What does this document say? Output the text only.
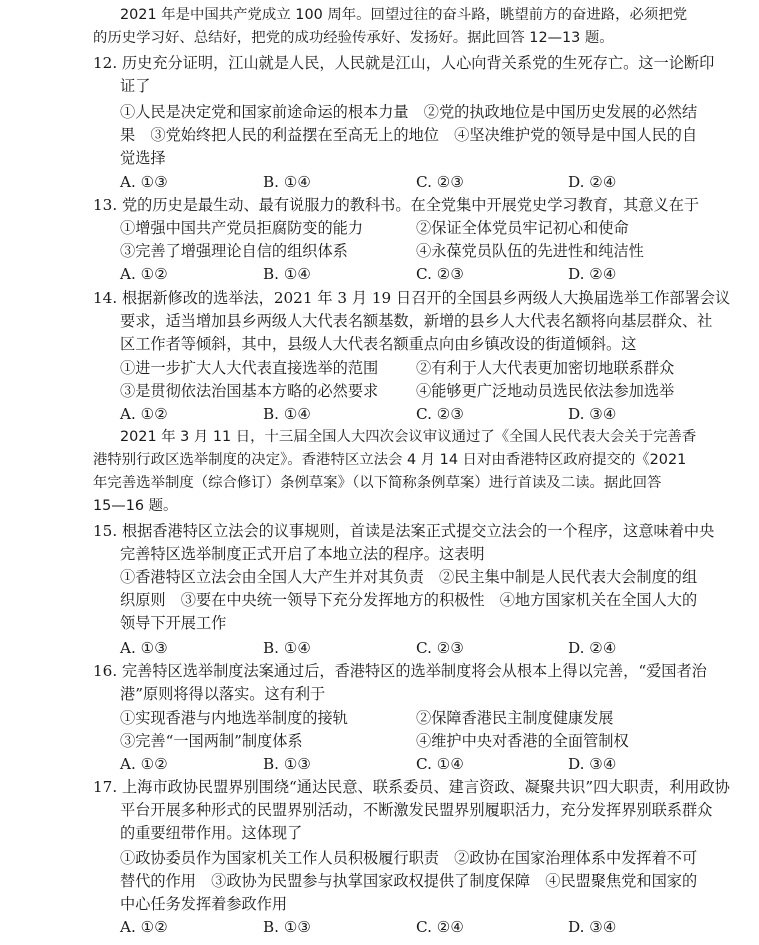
2021 年是中国共产党成立 100 周年。回望过往的奋斗路，眺望前方的奋进路，必须把党
的历史学习好、总结好，把党的成功经验传承好、发扬好。据此回答 12—13 题。
12. 历史充分证明，江山就是人民，人民就是江山，人心向背关系党的生死存亡。这一论断印
证了
①人民是决定党和国家前途命运的根本力量　②党的执政地位是中国历史发展的必然结
果　③党始终把人民的利益摆在至高无上的地位　④坚决维护党的领导是中国人民的自
觉选择
A. ①③	B. ①④	C. ②③	D. ②④
13. 党的历史是最生动、最有说服力的教科书。在全党集中开展党史学习教育，其意义在于
①增强中国共产党员拒腐防变的能力	②保证全体党员牢记初心和使命
③完善了增强理论自信的组织体系	④永葆党员队伍的先进性和纯洁性
A. ①②	B. ①④	C. ②③	D. ②④
14. 根据新修改的选举法，2021 年 3 月 19 日召开的全国县乡两级人大换届选举工作部署会议
要求，适当增加县乡两级人大代表名额基数，新增的县乡人大代表名额将向基层群众、社
区工作者等倾斜，其中，县级人大代表名额重点向由乡镇改设的街道倾斜。这
①进一步扩大人大代表直接选举的范围 ②有利于人大代表更加密切地联系群众
③是贯彻依法治国基本方略的必然要求 ④能够更广泛地动员选民依法参加选举
A. ①②	B. ①④	C. ②③	D. ③④
2021 年 3 月 11 日，十三届全国人大四次会议审议通过了《全国人民代表大会关于完善香
港特别行政区选举制度的决定》。香港特区立法会 4 月 14 日对由香港特区政府提交的《2021
年完善选举制度（综合修订）条例草案》（以下简称条例草案）进行首读及二读。据此回答
15—16 题。
15. 根据香港特区立法会的议事规则，首读是法案正式提交立法会的一个程序，这意味着中央
完善特区选举制度正式开启了本地立法的程序。这表明
①香港特区立法会由全国人大产生并对其负责　②民主集中制是人民代表大会制度的组
织原则　③要在中央统一领导下充分发挥地方的积极性　④地方国家机关在全国人大的
领导下开展工作
A. ①③	B. ①④	C. ②③	D. ②④
16. 完善特区选举制度法案通过后，香港特区的选举制度将会从根本上得以完善，“爱国者治
港”原则将得以落实。这有利于
①实现香港与内地选举制度的接轨	②保障香港民主制度健康发展
③完善“一国两制”制度体系	④维护中央对香港的全面管制权
A. ①②	B. ①③	C. ①④	D. ③④
17. 上海市政协民盟界别围绕“通达民意、联系委员、建言资政、凝聚共识”四大职责，利用政协
平台开展多种形式的民盟界别活动，不断激发民盟界别履职活力，充分发挥界别联系群众
的重要纽带作用。这体现了
①政协委员作为国家机关工作人员积极履行职责　②政协在国家治理体系中发挥着不可
替代的作用　③政协为民盟参与执掌国家政权提供了制度保障　④民盟聚焦党和国家的
中心任务发挥着参政作用
A. ①②	B. ①③	C. ②④	D. ③④
